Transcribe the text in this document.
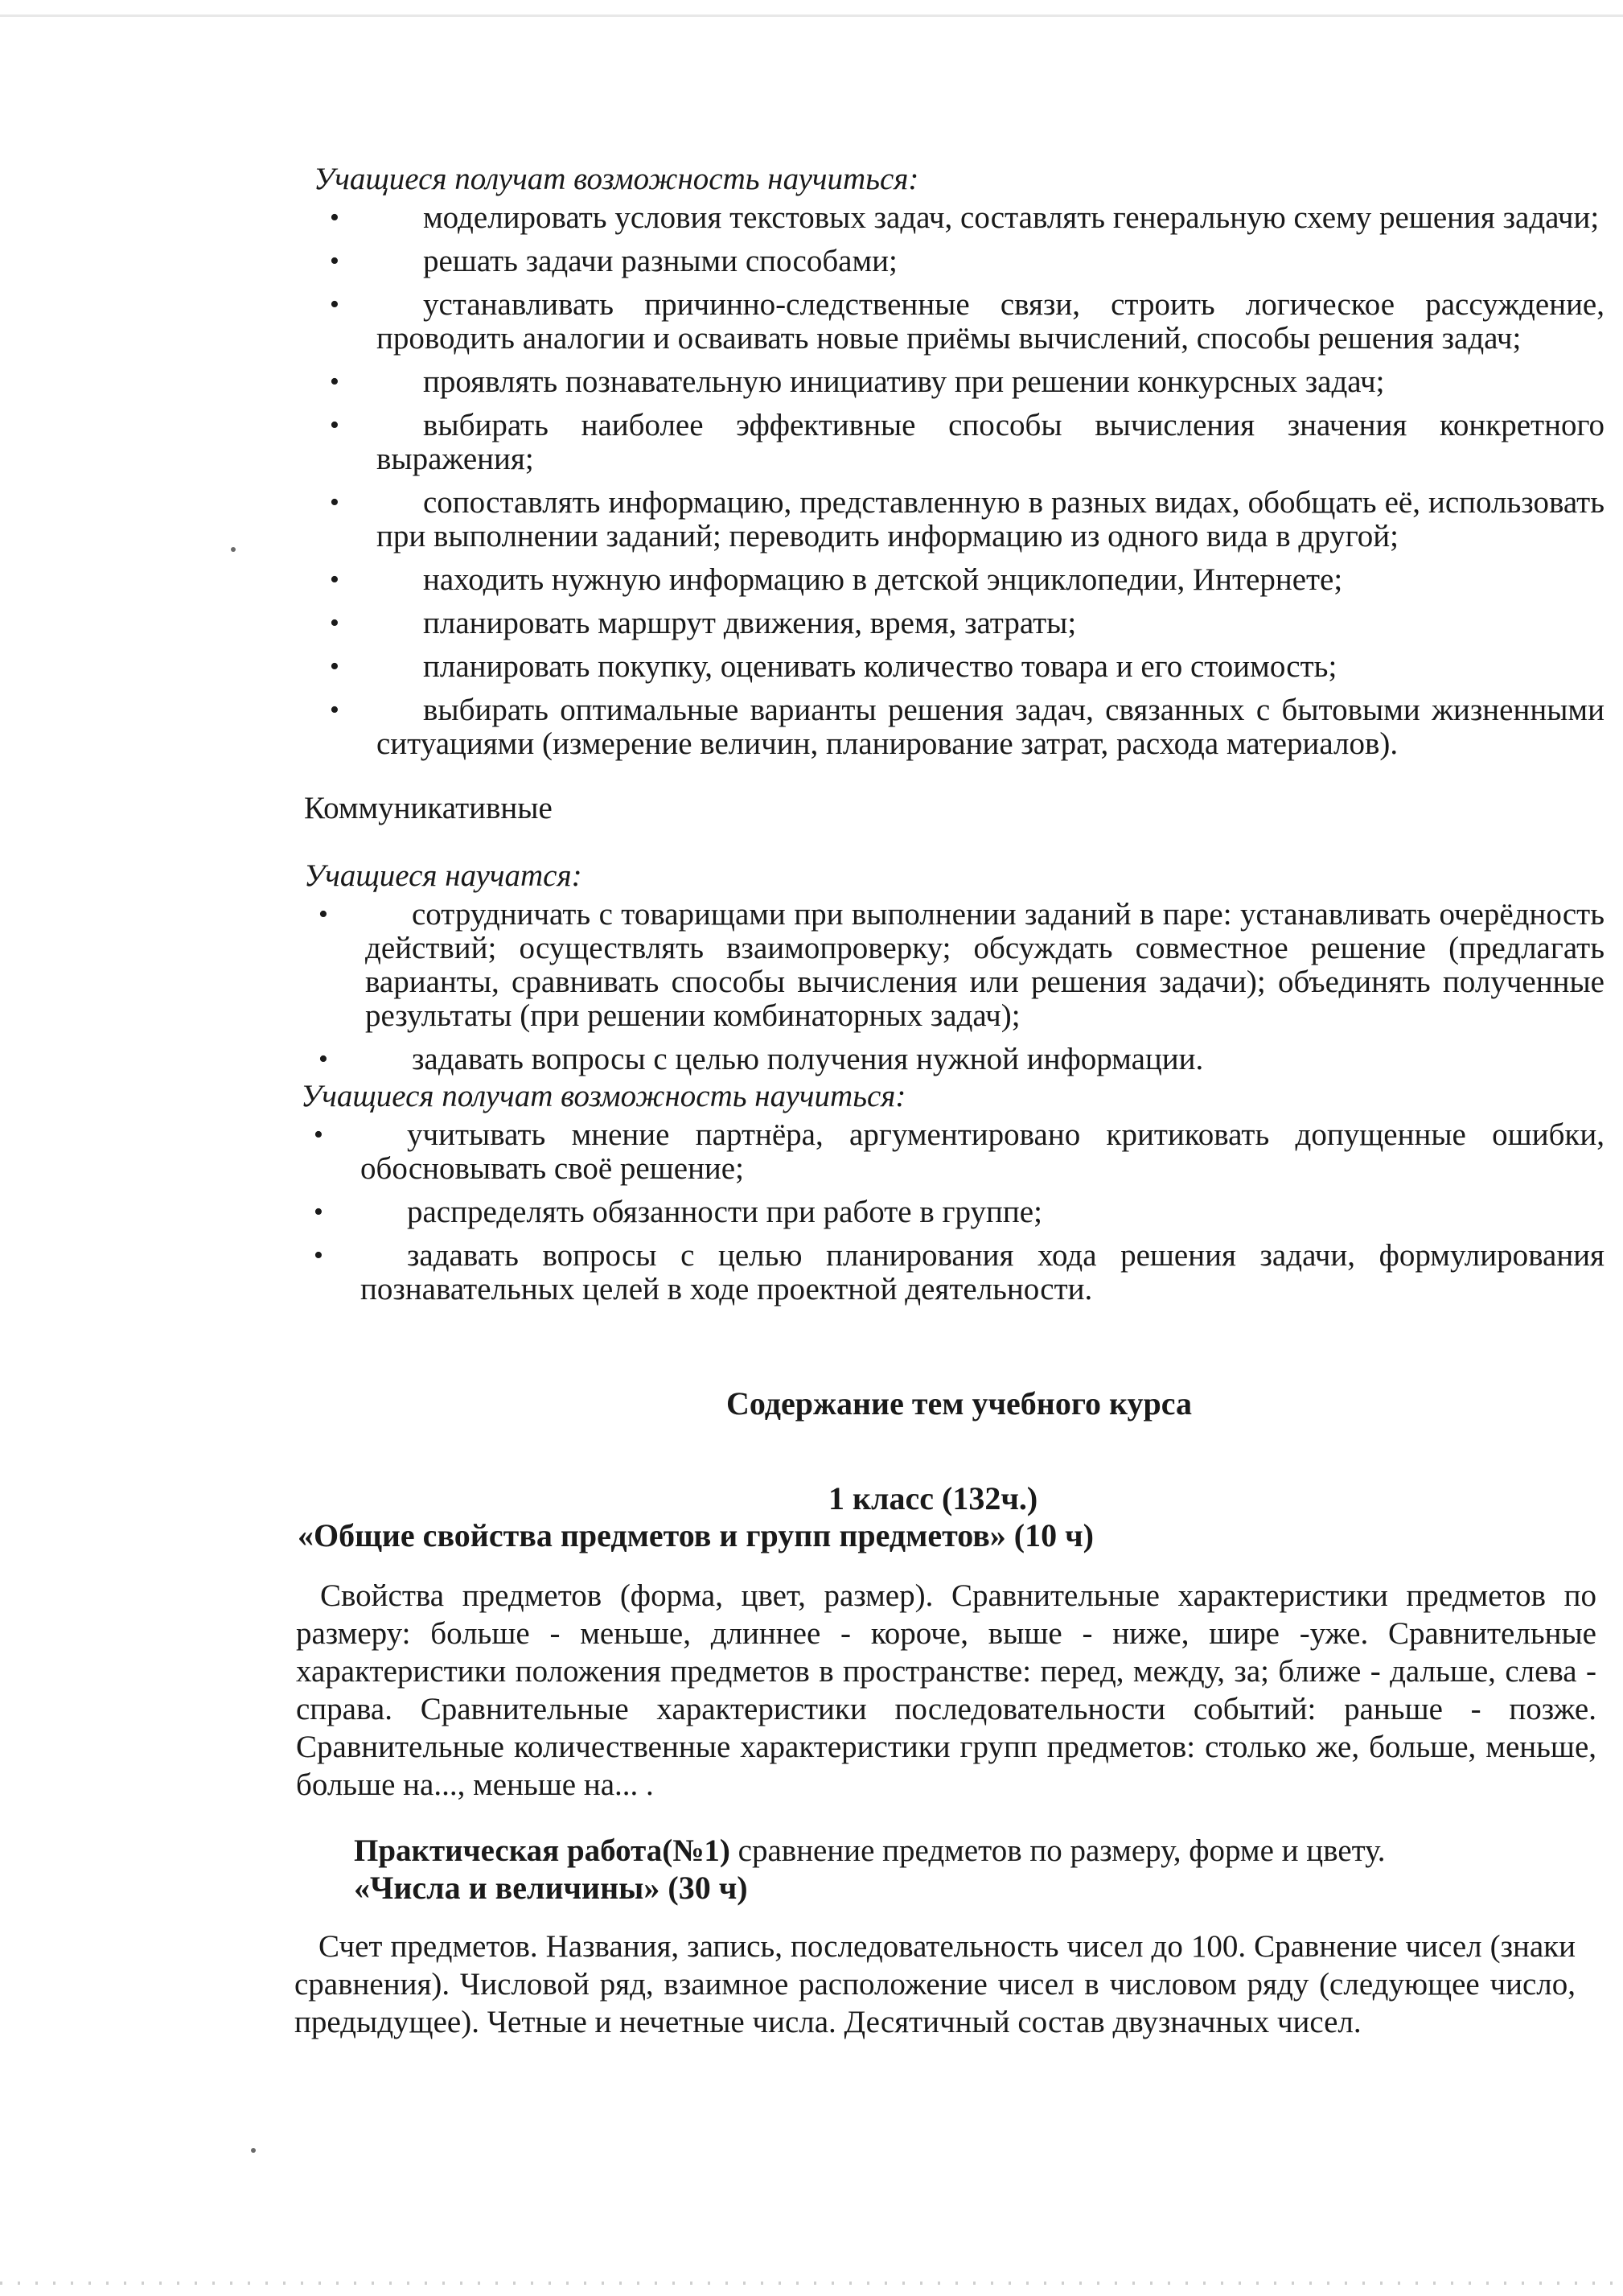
Учащиеся получат возможность научиться:

•	моделировать условия текстовых задач, составлять генеральную схему решения задачи;
•	решать задачи разными способами;
•	устанавливать причинно-следственные связи, строить логическое рассуждение, проводить аналогии и осваивать новые приёмы вычислений, способы решения задач;
•	проявлять познавательную инициативу при решении конкурсных задач;
•	выбирать наиболее эффективные способы вычисления значения конкретного выражения;
•	сопоставлять информацию, представленную в разных видах, обобщать её, использовать при выполнении заданий; переводить информацию из одного вида в другой;
•	находить нужную информацию в детской энциклопедии, Интернете;
•	планировать маршрут движения, время, затраты;
•	планировать покупку, оценивать количество товара и его стоимость;
•	выбирать оптимальные варианты решения задач, связанных с бытовыми жизненными ситуациями (измерение величин, планирование затрат, расхода материалов).

Коммуникативные

Учащиеся научатся:

•	сотрудничать с товарищами при выполнении заданий в паре: устанавливать очерёдность действий; осуществлять взаимопроверку; обсуждать совместное решение (предлагать варианты, сравнивать способы вычисления или решения задачи); объединять полученные результаты (при решении комбинаторных задач);
•	задавать вопросы с целью получения нужной информации.

Учащиеся получат возможность научиться:

•	учитывать мнение партнёра, аргументировано критиковать допущенные ошибки, обосновывать своё решение;
•	распределять обязанности при работе в группе;
•	задавать вопросы с целью планирования хода решения задачи, формулирования познавательных целей в ходе проектной деятельности.

Содержание тем учебного курса

1 класс (132ч.)

«Общие свойства предметов и групп предметов» (10 ч)

Свойства предметов (форма, цвет, размер). Сравнительные характеристики предметов по размеру: больше - меньше, длиннее - короче, выше - ниже, шире -уже. Сравнительные характеристики положения предметов в пространстве: перед, между, за; ближе - дальше, слева - справа. Сравнительные характеристики последовательности событий: раньше - позже. Сравнительные количественные характеристики групп предметов: столько же, больше, меньше, больше на..., меньше на... .

Практическая работа(№1) сравнение предметов по размеру, форме и цвету.

«Числа и величины» (30 ч)

Счет предметов. Названия, запись, последовательность чисел до 100. Сравнение чисел (знаки сравнения). Числовой ряд, взаимное расположение чисел в числовом ряду (следующее число, предыдущее). Четные и нечетные числа. Десятичный состав двузначных чисел.
